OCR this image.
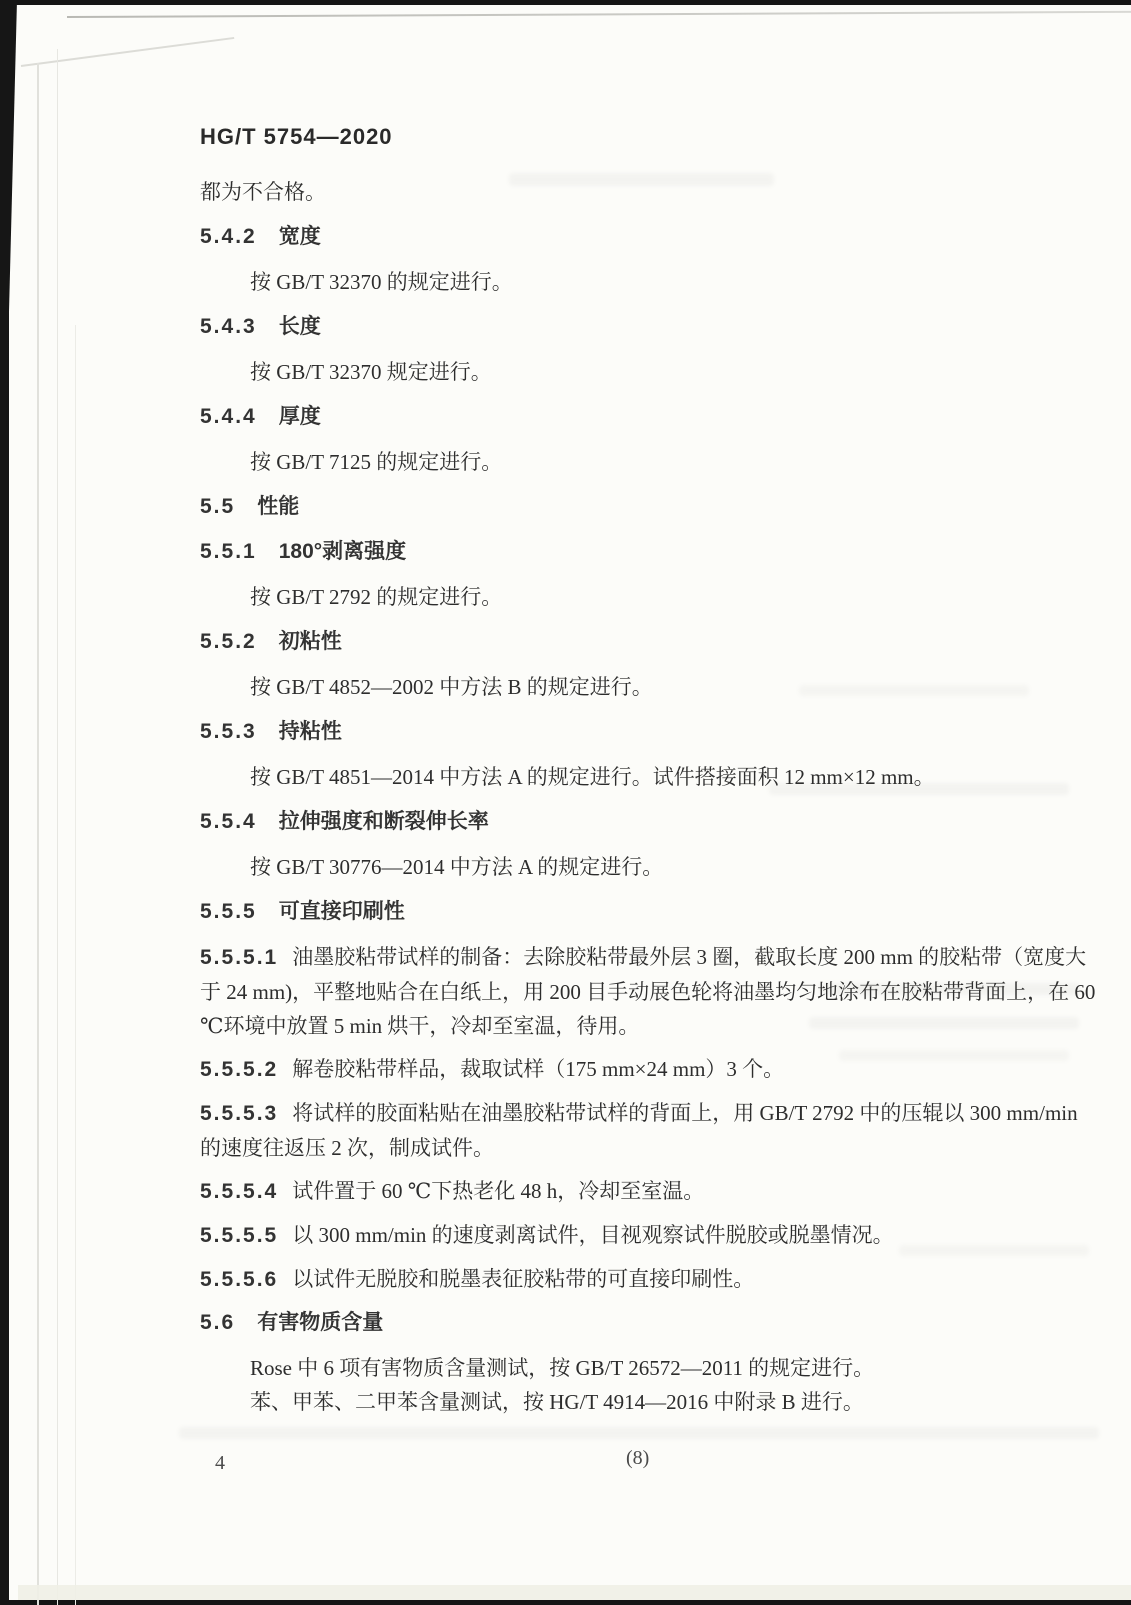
HG/T 5754—2020
都为不合格。
5.4.2 宽度
按 GB/T 32370 的规定进行。
5.4.3 长度
按 GB/T 32370 规定进行。
5.4.4 厚度
按 GB/T 7125 的规定进行。
5.5 性能
5.5.1 180°剥离强度
按 GB/T 2792 的规定进行。
5.5.2 初粘性
按 GB/T 4852—2002 中方法 B 的规定进行。
5.5.3 持粘性
按 GB/T 4851—2014 中方法 A 的规定进行。试件搭接面积 12 mm×12 mm。
5.5.4 拉伸强度和断裂伸长率
按 GB/T 30776—2014 中方法 A 的规定进行。
5.5.5 可直接印刷性
5.5.5.1 油墨胶粘带试样的制备：去除胶粘带最外层 3 圈，截取长度 200 mm 的胶粘带（宽度大于 24 mm)，平整地贴合在白纸上，用 200 目手动展色轮将油墨均匀地涂布在胶粘带背面上，在 60 ℃环境中放置 5 min 烘干，冷却至室温，待用。
5.5.5.2 解卷胶粘带样品，裁取试样（175 mm×24 mm）3 个。
5.5.5.3 将试样的胶面粘贴在油墨胶粘带试样的背面上，用 GB/T 2792 中的压辊以 300 mm/min 的速度往返压 2 次，制成试件。
5.5.5.4 试件置于 60 ℃下热老化 48 h，冷却至室温。
5.5.5.5 以 300 mm/min 的速度剥离试件，目视观察试件脱胶或脱墨情况。
5.5.5.6 以试件无脱胶和脱墨表征胶粘带的可直接印刷性。
5.6 有害物质含量
Rose 中 6 项有害物质含量测试，按 GB/T 26572—2011 的规定进行。
苯、甲苯、二甲苯含量测试，按 HG/T 4914—2016 中附录 B 进行。
4	(8)
